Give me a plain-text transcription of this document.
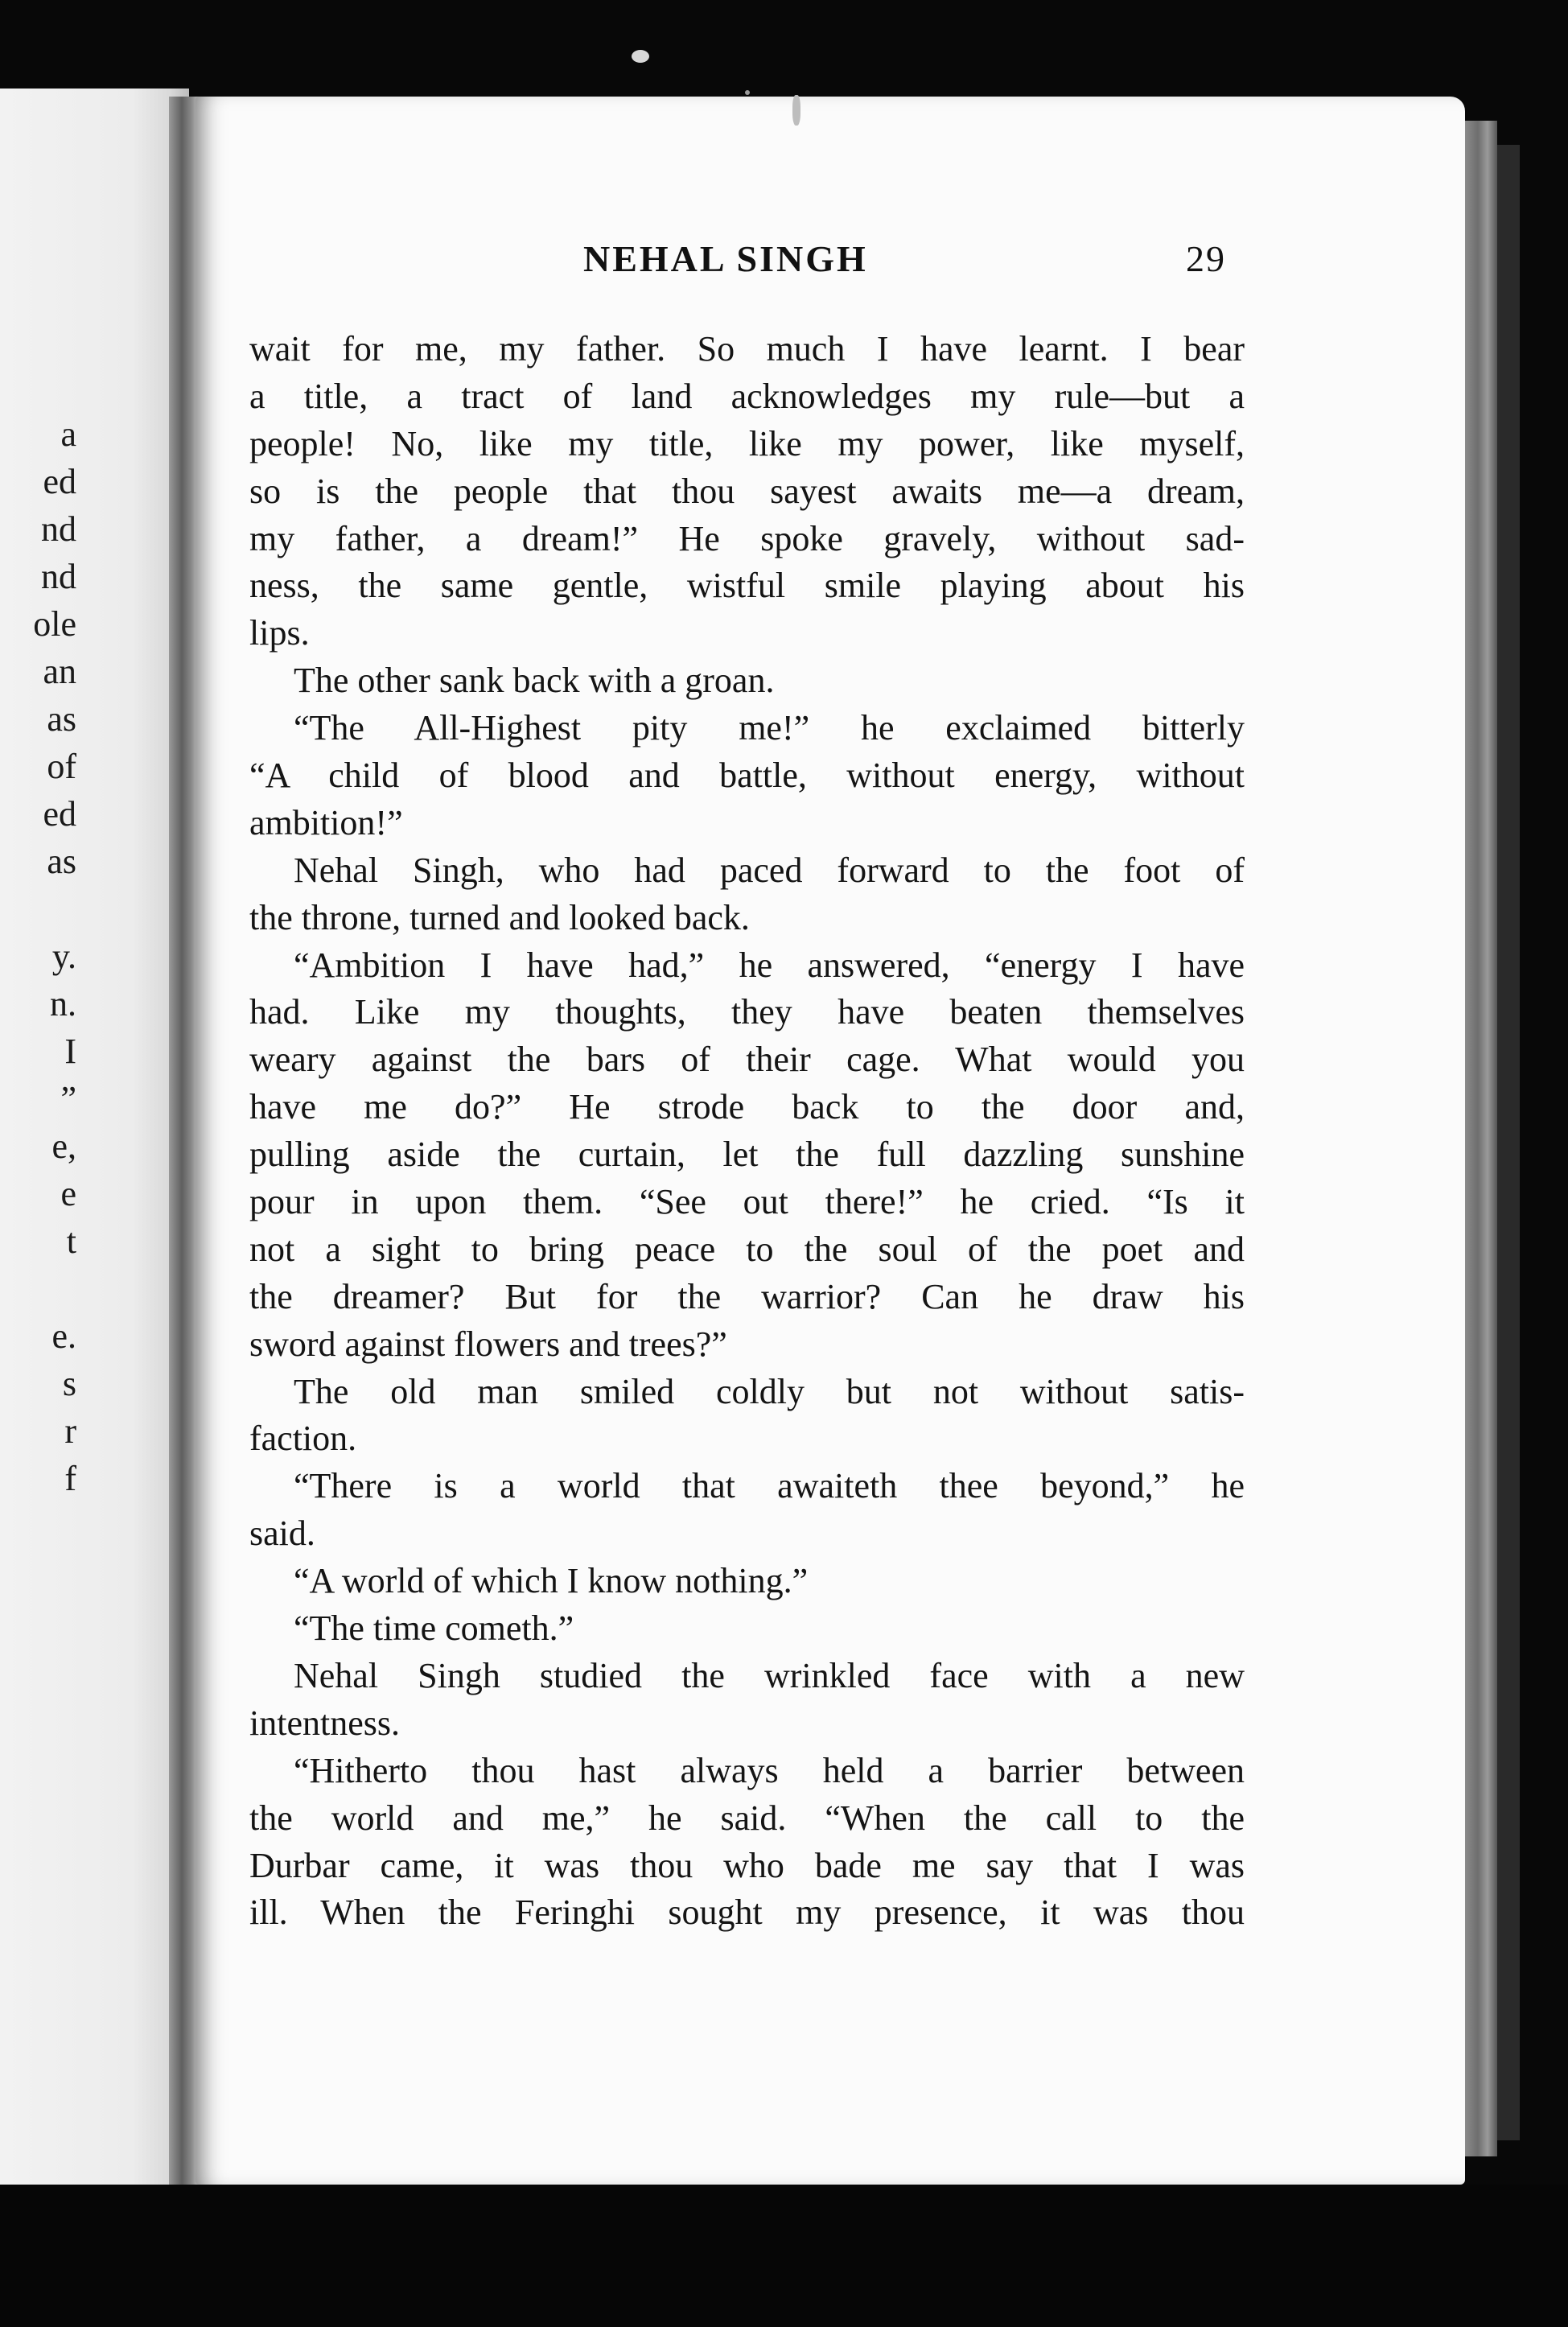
a
ed
nd
nd
ole
an
as
of
ed
as
y.
n.
I
”
e,
e
t
e.
s
r
f
NEHAL SINGH	29
wait for me, my father. So much I have learnt. I bear
a title, a tract of land acknowledges my rule—but a
people! No, like my title, like my power, like myself,
so is the people that thou sayest awaits me—a dream,
my father, a dream!” He spoke gravely, without sad-
ness, the same gentle, wistful smile playing about his
lips.
The other sank back with a groan.
“The All-Highest pity me!” he exclaimed bitterly
“A child of blood and battle, without energy, without
ambition!”
Nehal Singh, who had paced forward to the foot of
the throne, turned and looked back.
“Ambition I have had,” he answered, “energy I have
had. Like my thoughts, they have beaten themselves
weary against the bars of their cage. What would you
have me do?” He strode back to the door and,
pulling aside the curtain, let the full dazzling sunshine
pour in upon them. “See out there!” he cried. “Is it
not a sight to bring peace to the soul of the poet and
the dreamer? But for the warrior? Can he draw his
sword against flowers and trees?”
The old man smiled coldly but not without satis-
faction.
“There is a world that awaiteth thee beyond,” he
said.
“A world of which I know nothing.”
“The time cometh.”
Nehal Singh studied the wrinkled face with a new
intentness.
“Hitherto thou hast always held a barrier between
the world and me,” he said. “When the call to the
Durbar came, it was thou who bade me say that I was
ill. When the Feringhi sought my presence, it was thou
